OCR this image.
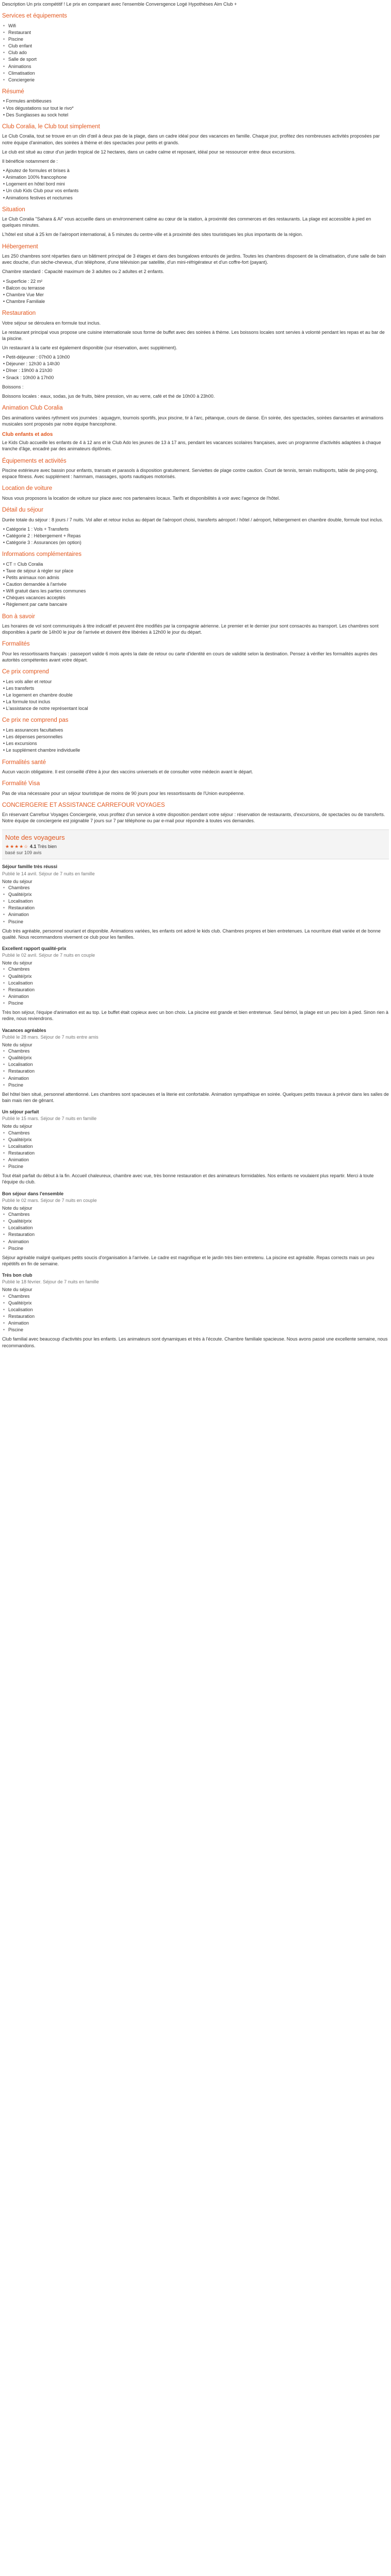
Description Un prix compétitif ! Le prix en comparant avec l'ensemble Conversgence Logé Hypothèses Aim Club +

Services et équipements
• Wifi
• Restaurant
• Piscine
• Club enfant
• Club ado
• Salle de sport
• Animations
• Climatisation
• Conciergerie
Résumé
• Formules ambitieuses
• Vos dégustations sur tout le rivo*
• Des Sunglasses au sock hotel
Club Coralia, le Club tout simplement

Le Club Coralia, tout se trouve en un clin d'œil à deux pas de la plage, dans un cadre idéal pour des vacances en famille. Chaque jour, profitez des nombreuses activités proposées par notre équipe d'animation, des soirées à thème et des spectacles pour petits et grands.

Le club est situé au cœur d'un jardin tropical de 12 hectares, dans un cadre calme et reposant, idéal pour se ressourcer entre deux excursions.

Il bénéficie notamment de :

• Ajoutez de formules et brises à
• Animation 100% francophone
• Logement en hôtel bord mini
• Un club Kids Club pour vos enfants
• Animations festives et nocturnes
Situation

Le Club Coralia "Sahara & Al" vous accueille dans un environnement calme au cœur de la station, à proximité des commerces et des restaurants. La plage est accessible à pied en quelques minutes.

L'hôtel est situé à 25 km de l'aéroport international, à 5 minutes du centre-ville et à proximité des sites touristiques les plus importants de la région.

Hébergement

Les 250 chambres sont réparties dans un bâtiment principal de 3 étages et dans des bungalows entourés de jardins. Toutes les chambres disposent de la climatisation, d'une salle de bain avec douche, d'un sèche-cheveux, d'un téléphone, d'une télévision par satellite, d'un mini-réfrigérateur et d'un coffre-fort (payant).

Chambre standard : Capacité maximum de 3 adultes ou 2 adultes et 2 enfants.

• Superficie : 22 m²
• Balcon ou terrasse
• Chambre Vue Mer
• Chambre Familiale
Restauration

Votre séjour se déroulera en formule tout inclus.

Le restaurant principal vous propose une cuisine internationale sous forme de buffet avec des soirées à thème. Les boissons locales sont servies à volonté pendant les repas et au bar de la piscine.

Un restaurant à la carte est également disponible (sur réservation, avec supplément).

• Petit-déjeuner : 07h00 à 10h00
• Déjeuner : 12h30 à 14h30
• Dîner : 19h00 à 21h30
• Snack : 10h00 à 17h00

Boissons :

Boissons locales : eaux, sodas, jus de fruits, bière pression, vin au verre, café et thé de 10h00 à 23h00.

Animation Club Coralia

Des animations variées rythment vos journées : aquagym, tournois sportifs, jeux piscine, tir à l'arc, pétanque, cours de danse. En soirée, des spectacles, soirées dansantes et animations musicales sont proposés par notre équipe francophone.

Club enfants et ados

Le Kids Club accueille les enfants de 4 à 12 ans et le Club Ado les jeunes de 13 à 17 ans, pendant les vacances scolaires françaises, avec un programme d'activités adaptées à chaque tranche d'âge, encadré par des animateurs diplômés.

Équipements et activités

Piscine extérieure avec bassin pour enfants, transats et parasols à disposition gratuitement. Serviettes de plage contre caution. Court de tennis, terrain multisports, table de ping-pong, espace fitness. Avec supplément : hammam, massages, sports nautiques motorisés.

Location de voiture

Nous vous proposons la location de voiture sur place avec nos partenaires locaux. Tarifs et disponibilités à voir avec l'agence de l'hôtel.

Détail du séjour

Durée totale du séjour : 8 jours / 7 nuits. Vol aller et retour inclus au départ de l'aéroport choisi, transferts aéroport / hôtel / aéroport, hébergement en chambre double, formule tout inclus.

• Catégorie 1 : Vols + Transferts
• Catégorie 2 : Hébergement + Repas
• Catégorie 3 : Assurances (en option)
Informations complémentaires
• CT = Club Coralia
• Taxe de séjour à régler sur place
• Petits animaux non admis
• Caution demandée à l'arrivée
• Wifi gratuit dans les parties communes
• Chèques vacances acceptés
• Règlement par carte bancaire
Bon à savoir

Les horaires de vol sont communiqués à titre indicatif et peuvent être modifiés par la compagnie aérienne. Le premier et le dernier jour sont consacrés au transport. Les chambres sont disponibles à partir de 14h00 le jour de l'arrivée et doivent être libérées à 12h00 le jour du départ.

Formalités

Pour les ressortissants français : passeport valide 6 mois après la date de retour ou carte d'identité en cours de validité selon la destination. Pensez à vérifier les formalités auprès des autorités compétentes avant votre départ.

Ce prix comprend
• Les vols aller et retour
• Les transferts
• Le logement en chambre double
• La formule tout inclus
• L'assistance de notre représentant local
Ce prix ne comprend pas
• Les assurances facultatives
• Les dépenses personnelles
• Les excursions
• Le supplément chambre individuelle
Formalités santé

Aucun vaccin obligatoire. Il est conseillé d'être à jour des vaccins universels et de consulter votre médecin avant le départ.

Formalité Visa

Pas de visa nécessaire pour un séjour touristique de moins de 90 jours pour les ressortissants de l'Union européenne.

CONCIERGERIE ET ASSISTANCE CARREFOUR VOYAGES

En réservant Carrefour Voyages Conciergerie, vous profitez d'un service à votre disposition pendant votre séjour : réservation de restaurants, d'excursions, de spectacles ou de transferts. Notre équipe de conciergerie est joignable 7 jours sur 7 par téléphone ou par e-mail pour répondre à toutes vos demandes.

Note des voyageurs
★★★★☆ 4.1 Très bien
basé sur 109 avis
Séjour famille très réussi
Publié le 14 avril. Séjour de 7 nuits en famille
Note du séjour
• Chambres
• Qualité/prix
• Localisation
• Restauration
• Animation
• Piscine

Club très agréable, personnel souriant et disponible. Animations variées, les enfants ont adoré le kids club. Chambres propres et bien entretenues. La nourriture était variée et de bonne qualité. Nous recommandons vivement ce club pour les familles.

Excellent rapport qualité-prix
Publié le 02 avril. Séjour de 7 nuits en couple
Note du séjour
• Chambres
• Qualité/prix
• Localisation
• Restauration
• Animation
• Piscine

Très bon séjour, l'équipe d'animation est au top. Le buffet était copieux avec un bon choix. La piscine est grande et bien entretenue. Seul bémol, la plage est un peu loin à pied. Sinon rien à redire, nous reviendrons.

Vacances agréables
Publié le 28 mars. Séjour de 7 nuits entre amis
Note du séjour
• Chambres
• Qualité/prix
• Localisation
• Restauration
• Animation
• Piscine

Bel hôtel bien situé, personnel attentionné. Les chambres sont spacieuses et la literie est confortable. Animation sympathique en soirée. Quelques petits travaux à prévoir dans les salles de bain mais rien de gênant.

Un séjour parfait
Publié le 15 mars. Séjour de 7 nuits en famille
Note du séjour
• Chambres
• Qualité/prix
• Localisation
• Restauration
• Animation
• Piscine

Tout était parfait du début à la fin. Accueil chaleureux, chambre avec vue, très bonne restauration et des animateurs formidables. Nos enfants ne voulaient plus repartir. Merci à toute l'équipe du club.

Bon séjour dans l'ensemble
Publié le 02 mars. Séjour de 7 nuits en couple
Note du séjour
• Chambres
• Qualité/prix
• Localisation
• Restauration
• Animation
• Piscine

Séjour agréable malgré quelques petits soucis d'organisation à l'arrivée. Le cadre est magnifique et le jardin très bien entretenu. La piscine est agréable. Repas corrects mais un peu répétitifs en fin de semaine.

Très bon club
Publié le 18 février. Séjour de 7 nuits en famille
Note du séjour
• Chambres
• Qualité/prix
• Localisation
• Restauration
• Animation
• Piscine

Club familial avec beaucoup d'activités pour les enfants. Les animateurs sont dynamiques et très à l'écoute. Chambre familiale spacieuse. Nous avons passé une excellente semaine, nous recommandons.
